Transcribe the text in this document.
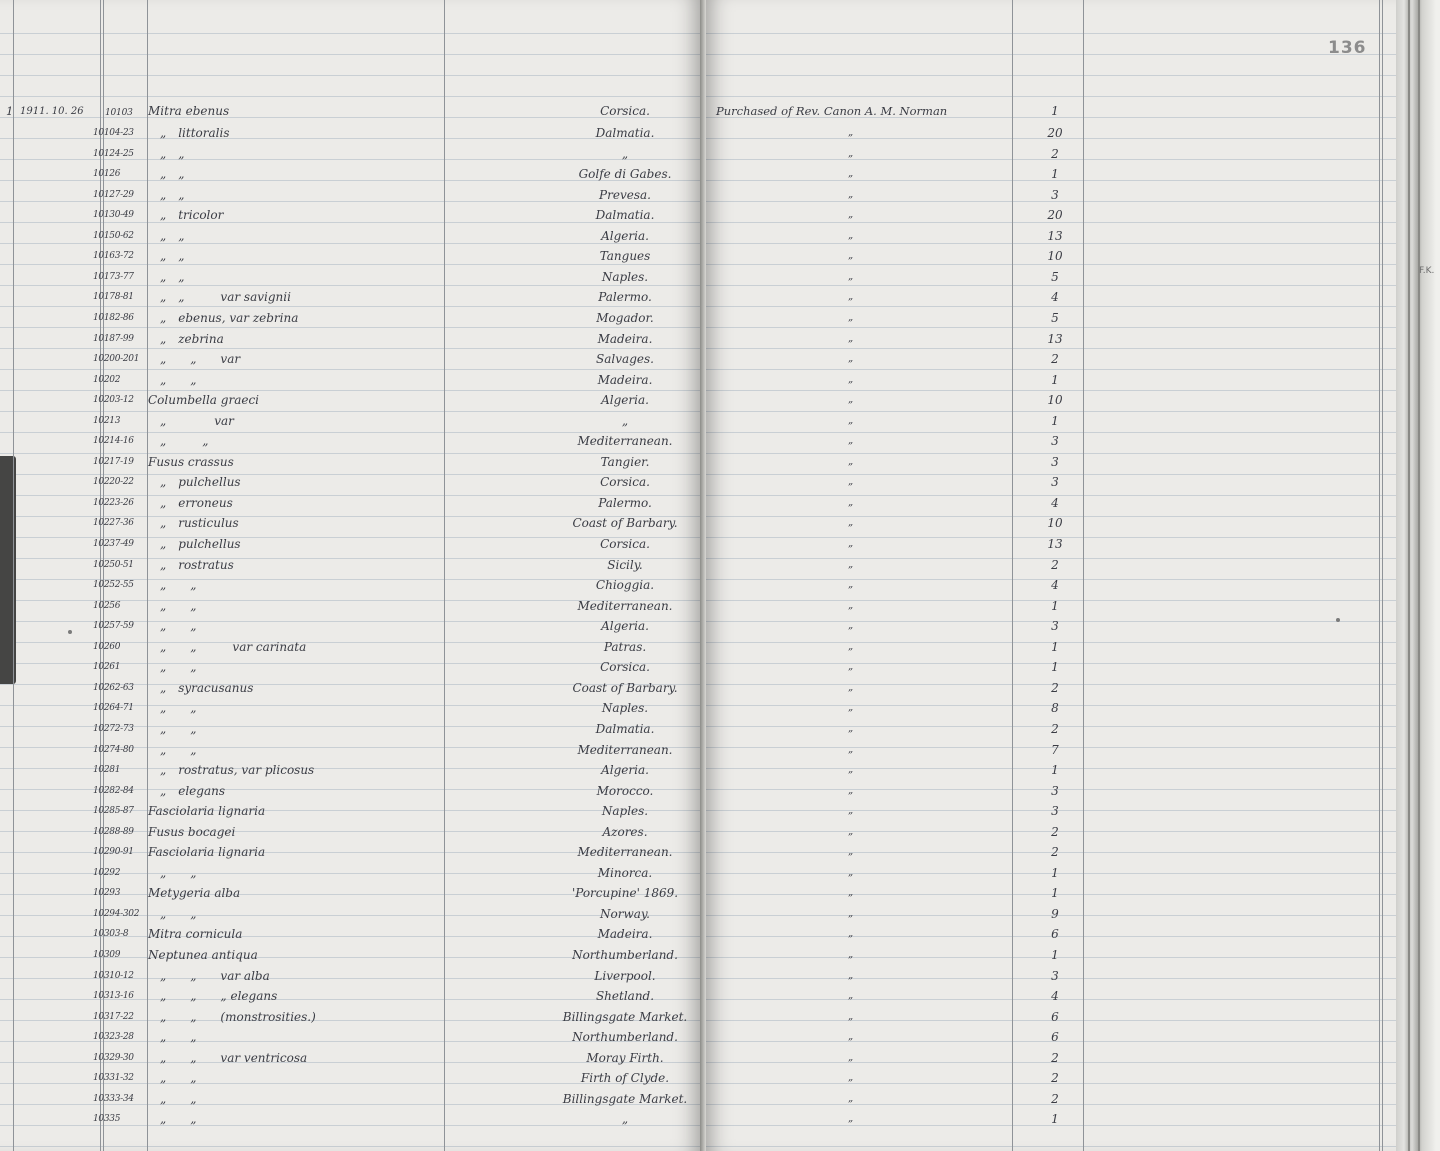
136
F.K.
1 1911. 10. 26 10103 Mitra ebenus	Corsica.	Purchased of Rev. Canon A. M. Norman	1
10104-23  „ littoralis	Dalmatia.	„	20
10124-25  „ „	„	„	2
10126  „ „	Golfe di Gabes.	„	1
10127-29  „ „	Prevesa.	„	3
10130-49  „ tricolor	Dalmatia.	„	20
10150-62  „ „	Algeria.	„	13
10163-72  „ „	Tangues	„	10
10173-77  „ „	Naples.	„	5
10178-81  „ „   var savignii	Palermo.	„	4
10182-86  „ ebenus, var zebrina	Mogador.	„	5
10187-99  „ zebrina	Madeira.	„	13
10200-201  „  „  var	Salvages.	„	2
10202  „  „	Madeira.	„	1
10203-12 Columbella graeci	Algeria.	„	10
10213  „    var	„	„	1
10214-16  „   „	Mediterranean.	„	3
10217-19 Fusus crassus	Tangier.	„	3
10220-22  „ pulchellus	Corsica.	„	3
10223-26  „ erroneus	Palermo.	„	4
10227-36  „ rusticulus	Coast of Barbary.	„	10
10237-49  „ pulchellus	Corsica.	„	13
10250-51  „ rostratus	Sicily.	„	2
10252-55  „  „	Chioggia.	„	4
10256  „  „	Mediterranean.	„	1
10257-59  „  „	Algeria.	„	3
10260  „  „   var carinata	Patras.	„	1
10261  „  „	Corsica.	„	1
10262-63  „ syracusanus	Coast of Barbary.	„	2
10264-71  „  „	Naples.	„	8
10272-73  „  „	Dalmatia.	„	2
10274-80  „  „	Mediterranean.	„	7
10281  „ rostratus, var plicosus	Algeria.	„	1
10282-84  „ elegans	Morocco.	„	3
10285-87 Fasciolaria lignaria	Naples.	„	3
10288-89 Fusus bocagei	Azores.	„	2
10290-91 Fasciolaria lignaria	Mediterranean.	„	2
10292  „  „	Minorca.	„	1
10293 Metygeria alba	'Porcupine' 1869.	„	1
10294-302  „  „	Norway.	„	9
10303-8 Mitra cornicula	Madeira.	„	6
10309 Neptunea antiqua	Northumberland.	„	1
10310-12  „  „  var alba	Liverpool.	„	3
10313-16  „  „  „ elegans	Shetland.	„	4
10317-22  „  „  (monstrosities.)	Billingsgate Market.	„	6
10323-28  „  „	Northumberland.	„	6
10329-30  „  „  var ventricosa	Moray Firth.	„	2
10331-32  „  „	Firth of Clyde.	„	2
10333-34  „  „	Billingsgate Market.	„	2
10335  „  „	„	„	1
